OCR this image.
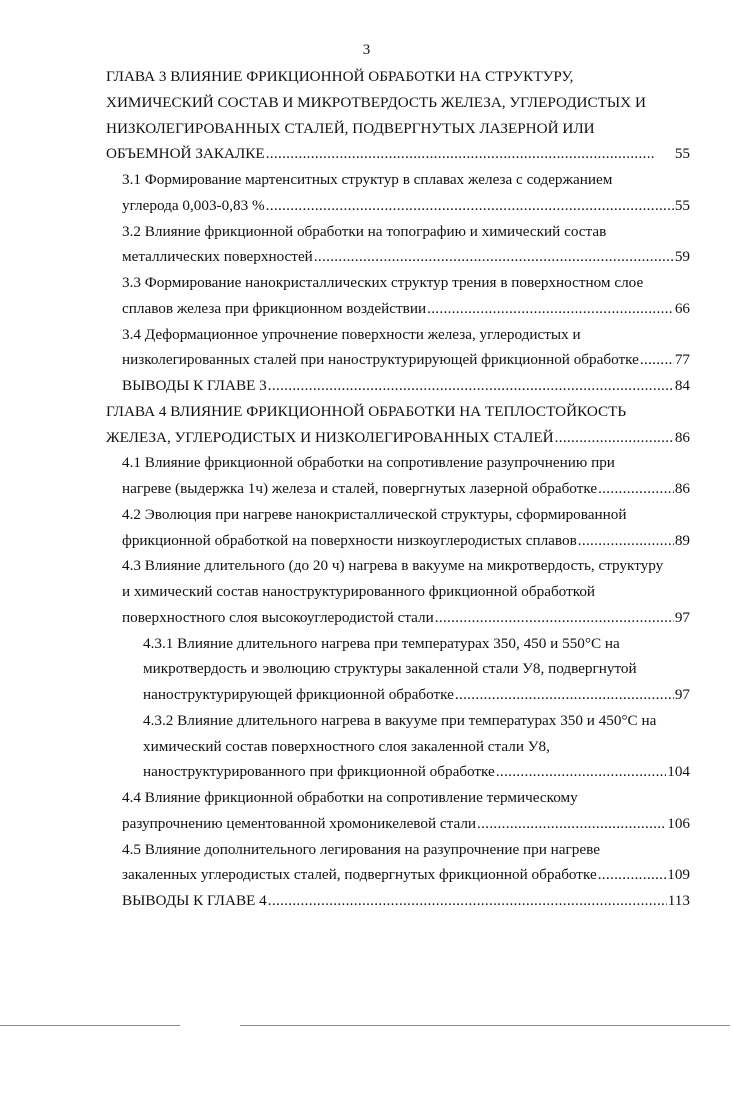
3
ГЛАВА 3 ВЛИЯНИЕ ФРИКЦИОННОЙ ОБРАБОТКИ НА СТРУКТУРУ,
ХИМИЧЕСКИЙ СОСТАВ И МИКРОТВЕРДОСТЬ ЖЕЛЕЗА, УГЛЕРОДИСТЫХ И
НИЗКОЛЕГИРОВАННЫХ СТАЛЕЙ, ПОДВЕРГНУТЫХ ЛАЗЕРНОЙ ИЛИ
ОБЪЕМНОЙ ЗАКАЛКЕ .....	55
3.1 Формирование мартенситных структур в сплавах железа с содержанием
углерода 0,003-0,83 % .....	55
3.2 Влияние фрикционной обработки на топографию и химический состав
металлических поверхностей .....	59
3.3 Формирование нанокристаллических структур трения в поверхностном слое
сплавов железа при фрикционном воздействии .....	66
3.4 Деформационное упрочнение поверхности железа, углеродистых и
низколегированных сталей при наноструктурирующей фрикционной обработке ..... 77
ВЫВОДЫ К ГЛАВЕ 3 .....	84
ГЛАВА 4 ВЛИЯНИЕ ФРИКЦИОННОЙ ОБРАБОТКИ НА ТЕПЛОСТОЙКОСТЬ
ЖЕЛЕЗА, УГЛЕРОДИСТЫХ И НИЗКОЛЕГИРОВАННЫХ СТАЛЕЙ .....	86
4.1 Влияние фрикционной обработки на сопротивление разупрочнению при
нагреве (выдержка 1ч) железа и сталей, повергнутых лазерной обработке .....	86
4.2 Эволюция при нагреве нанокристаллической структуры, сформированной
фрикционной обработкой на поверхности низкоуглеродистых сплавов .....	89
4.3 Влияние длительного (до 20 ч) нагрева в вакууме на микротвердость, структуру
и химический состав наноструктурированного фрикционной обработкой
поверхностного слоя высокоуглеродистой стали .....	97
4.3.1 Влияние длительного нагрева при температурах 350, 450 и 550°С на
микротвердость и эволюцию структуры закаленной стали У8, подвергнутой
наноструктурирующей фрикционной обработке .....	97
4.3.2 Влияние длительного нагрева в вакууме при температурах 350 и 450°С на
химический состав поверхностного слоя закаленной стали У8,
наноструктурированного при фрикционной обработке .....	104
4.4 Влияние фрикционной обработки на сопротивление термическому
разупрочнению цементованной хромоникелевой стали .....	106
4.5 Влияние дополнительного легирования на разупрочнение при нагреве
закаленных углеродистых сталей, подвергнутых фрикционной обработке .....	109
ВЫВОДЫ К ГЛАВЕ 4 .....	113
